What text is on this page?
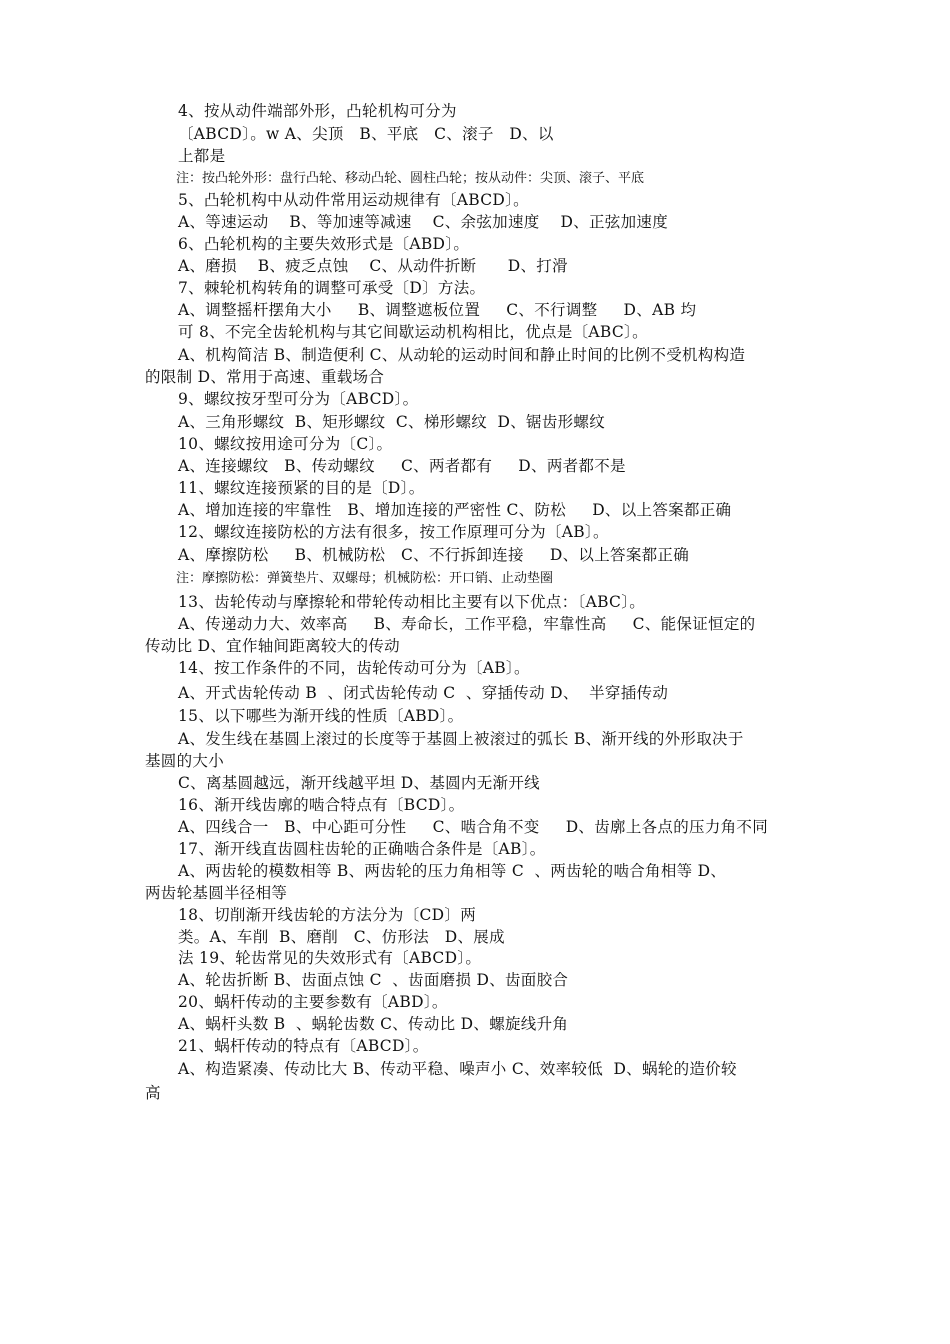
4、按从动件端部外形，凸轮机构可分为
〔ABCD〕。w A、尖顶   B、平底   C、滚子   D、以
上都是
注：按凸轮外形：盘行凸轮、移动凸轮、圆柱凸轮；按从动件：尖顶、滚子、平底
5、凸轮机构中从动件常用运动规律有〔ABCD〕。
A、等速运动    B、等加速等减速    C、余弦加速度    D、正弦加速度
6、凸轮机构的主要失效形式是〔ABD〕。
A、磨损    B、疲乏点蚀    C、从动件折断      D、打滑
7、棘轮机构转角的调整可承受〔D〕方法。
A、调整摇杆摆角大小     B、调整遮板位置     C、不行调整     D、AB 均
可 8、不完全齿轮机构与其它间歇运动机构相比，优点是〔ABC〕。
A、机构简洁 B、制造便利 C、从动轮的运动时间和静止时间的比例不受机构构造
的限制 D、常用于高速、重载场合
9、螺纹按牙型可分为〔ABCD〕。
A、三角形螺纹  B、矩形螺纹  C、梯形螺纹  D、锯齿形螺纹
10、螺纹按用途可分为〔C〕。
A、连接螺纹   B、传动螺纹     C、两者都有     D、两者都不是
11、螺纹连接预紧的目的是〔D〕。
A、增加连接的牢靠性   B、增加连接的严密性 C、防松     D、以上答案都正确
12、螺纹连接防松的方法有很多，按工作原理可分为〔AB〕。
A、摩擦防松     B、机械防松   C、不行拆卸连接     D、以上答案都正确
注：摩擦防松：弹簧垫片、双螺母；机械防松：开口销、止动垫圈
13、齿轮传动与摩擦轮和带轮传动相比主要有以下优点：〔ABC〕。
A、传递动力大、效率高     B、寿命长，工作平稳，牢靠性高     C、能保证恒定的
传动比 D、宜作轴间距离较大的传动
14、按工作条件的不同，齿轮传动可分为〔AB〕。
A、开式齿轮传动 B  、闭式齿轮传动 C  、穿插传动 D、  半穿插传动
15、以下哪些为渐开线的性质〔ABD〕。
A、发生线在基圆上滚过的长度等于基圆上被滚过的弧长 B、渐开线的外形取决于
基圆的大小
C、离基圆越远，渐开线越平坦 D、基圆内无渐开线
16、渐开线齿廓的啮合特点有〔BCD〕。
A、四线合一   B、中心距可分性     C、啮合角不变     D、齿廓上各点的压力角不同
17、渐开线直齿圆柱齿轮的正确啮合条件是〔AB〕。
A、两齿轮的模数相等 B、两齿轮的压力角相等 C  、两齿轮的啮合角相等 D、
两齿轮基圆半径相等
18、切削渐开线齿轮的方法分为〔CD〕两
类。A、车削  B、磨削   C、仿形法   D、展成
法 19、轮齿常见的失效形式有〔ABCD〕。
A、轮齿折断 B、齿面点蚀 C  、齿面磨损 D、齿面胶合
20、蜗杆传动的主要参数有〔ABD〕。
A、蜗杆头数 B  、蜗轮齿数 C、传动比 D、螺旋线升角
21、蜗杆传动的特点有〔ABCD〕。
A、构造紧凑、传动比大 B、传动平稳、噪声小 C、效率较低  D、蜗轮的造价较
高
